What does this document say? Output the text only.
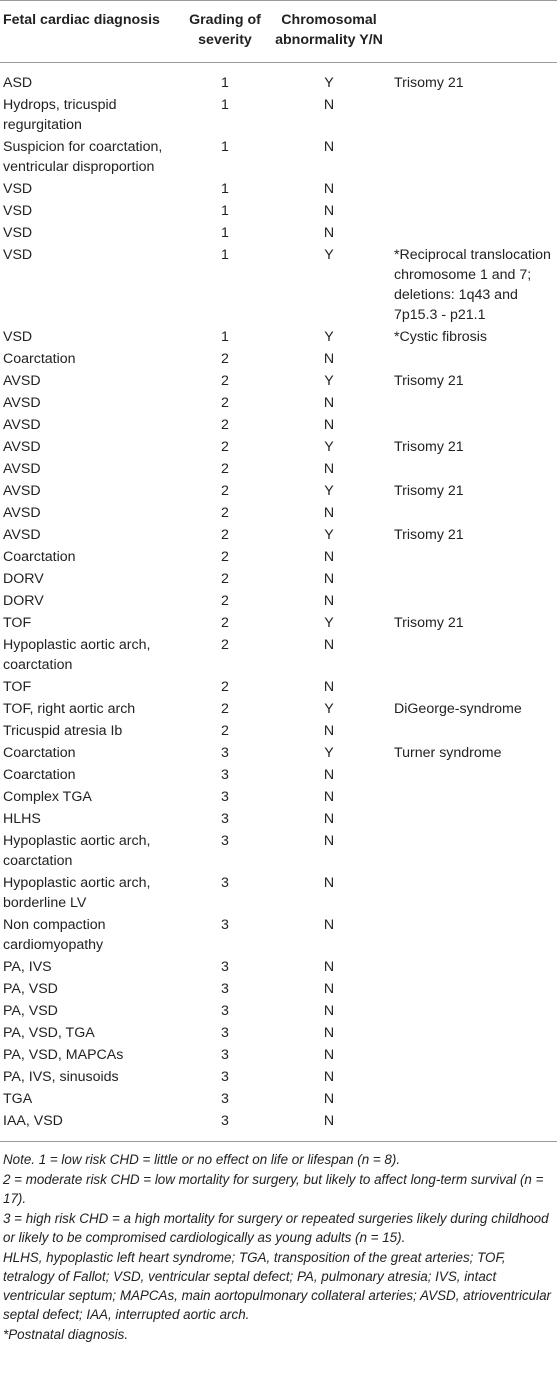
Fetal cardiac diagnosis	Grading of severity	Chromosomal abnormality Y/N	
ASD	1	Y	Trisomy 21
Hydrops, tricuspid regurgitation	1	N	
Suspicion for coarctation, ventricular disproportion	1	N	
VSD	1	N	
VSD	1	N	
VSD	1	N	
VSD	1	Y	*Reciprocal translocation chromosome 1 and 7; deletions: 1q43 and 7p15.3 - p21.1
VSD	1	Y	*Cystic fibrosis
Coarctation	2	N	
AVSD	2	Y	Trisomy 21
AVSD	2	N	
AVSD	2	N	
AVSD	2	Y	Trisomy 21
AVSD	2	N	
AVSD	2	Y	Trisomy 21
AVSD	2	N	
AVSD	2	Y	Trisomy 21
Coarctation	2	N	
DORV	2	N	
DORV	2	N	
TOF	2	Y	Trisomy 21
Hypoplastic aortic arch, coarctation	2	N	
TOF	2	N	
TOF, right aortic arch	2	Y	DiGeorge-syndrome
Tricuspid atresia Ib	2	N	
Coarctation	3	Y	Turner syndrome
Coarctation	3	N	
Complex TGA	3	N	
HLHS	3	N	
Hypoplastic aortic arch, coarctation	3	N	
Hypoplastic aortic arch, borderline LV	3	N	
Non compaction cardiomyopathy	3	N	
PA, IVS	3	N	
PA, VSD	3	N	
PA, VSD	3	N	
PA, VSD, TGA	3	N	
PA, VSD, MAPCAs	3	N	
PA, IVS, sinusoids	3	N	
TGA	3	N	
IAA, VSD	3	N	

Note. 1 = low risk CHD = little or no effect on life or lifespan (n = 8).

2 = moderate risk CHD = low mortality for surgery, but likely to affect long-term survival (n = 17).

3 = high risk CHD = a high mortality for surgery or repeated surgeries likely during childhood or likely to be compromised cardiologically as young adults (n = 15).

HLHS, hypoplastic left heart syndrome; TGA, transposition of the great arteries; TOF, tetralogy of Fallot; VSD, ventricular septal defect; PA, pulmonary atresia; IVS, intact ventricular septum; MAPCAs, main aortopulmonary collateral arteries; AVSD, atrioventricular septal defect; IAA, interrupted aortic arch.

*Postnatal diagnosis.
